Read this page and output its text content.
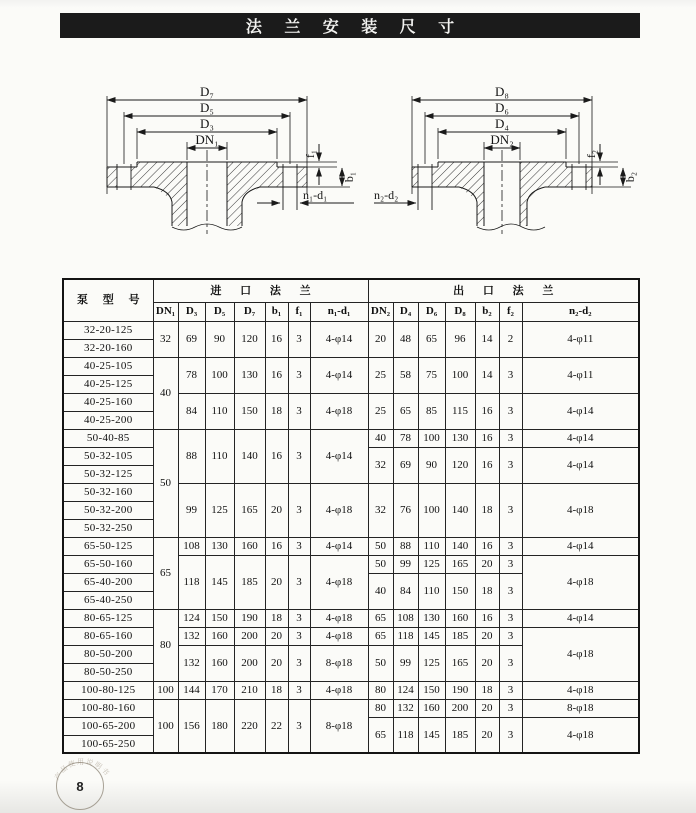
法 兰 安 装 尺 寸
D₇
D₅
D₃
DN₁
f₁
b₁
n₁-d₁
D₈
D₆
D₄
DN₂
f₂
b₂
n₂-d₂
泵 型 号	进 口 法 兰							出 口 法 兰						
	DN₁	D₃	D₅	D₇	b₁	f₁	n₁-d₁	DN₂	D₄	D₆	D₈	b₂	f₂	n₂-d₂
32-20-125	32	69	90	120	16	3	4-φ14	20	48	65	96	14	2	4-φ11
32-20-160														
40-25-105	40	78	100	130	16	3	4-φ14	25	58	75	100	14	3	4-φ11
40-25-125														
40-25-160		84	110	150	18	3	4-φ18	25	65	85	115	16	3	4-φ14
40-25-200														
50-40-85	50	88	110	140	16	3	4-φ14	40	78	100	130	16	3	4-φ14
50-32-105								32	69	90	120	16	3	4-φ14
50-32-125														
50-32-160		99	125	165	20	3	4-φ18	32	76	100	140	18	3	4-φ18
50-32-200														
50-32-250														
65-50-125	65	108	130	160	16	3	4-φ14	50	88	110	140	16	3	4-φ14
65-50-160		118	145	185	20	3	4-φ18	50	99	125	165	20	3	4-φ18
65-40-200								40	84	110	150	18	3	
65-40-250														
80-65-125	80	124	150	190	18	3	4-φ18	65	108	130	160	16	3	4-φ14
80-65-160		132	160	200	20	3	4-φ18	65	118	145	185	20	3	4-φ18
80-50-200		132	160	200	20	3	8-φ18	50	99	125	165	20	3	
80-50-250														
100-80-125	100	144	170	210	18	3	4-φ18	80	124	150	190	18	3	4-φ18
100-80-160	100	156	180	220	22	3	8-φ18	80	132	160	200	20	3	8-φ18
100-65-200								65	118	145	185	20	3	4-φ18
100-65-250														
8
产
品
使 用 说 明
书
